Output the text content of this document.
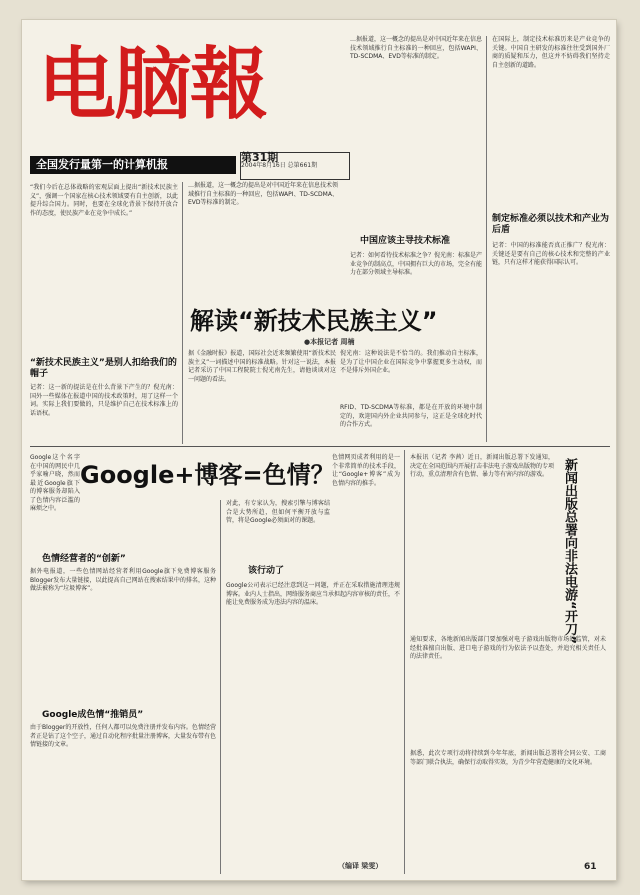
电脑報
全国发行量第一的计算机报
第31期
2004年8月16日 总第661期
“我们今后在总体战略的宏观层面上提出“新技术民族主义”，强调一个国家在核心技术领域要有自主创新，以此提升综合国力。同时，也要在全球化背景下保持开放合作的态度，使民族产业在竞争中成长。”
“新技术民族主义”是别人扣给我们的帽子
记者：这一新的提法是在什么背景下产生的？倪光南：国外一些媒体在报道中国的技术政策时，用了这样一个词。实际上我们要做的，只是维护自己在技术标准上的话语权。
…据报道，这一概念的提出是对中国近年来在信息技术领域推行自主标准的一种回应，包括WAPI、TD-SCDMA、EVD等标准的制定。
…据报道，这一概念的提出是对中国近年来在信息技术领域推行自主标准的一种回应，包括WAPI、TD-SCDMA、EVD等标准的制定。
中国应该主导技术标准
记者：如何看待技术标准之争？倪光南：标准是产业竞争的制高点，中国拥有巨大的市场，完全有能力在部分领域主导标准。
在国际上，制定技术标准历来是产业竞争的关键。中国自主研发的标准往往受到国外厂商的质疑和压力，但这并不妨碍我们坚持走自主创新的道路。
制定标准必须以技术和产业为后盾
记者：中国的标准能否真正推广？倪光南：关键还是要有自己的核心技术和完整的产业链，只有这样才能获得国际认可。
解读“新技术民族主义”
●本报记者 周楠
据《金融时报》报道，国际社会近来频繁使用“新技术民族主义”一词描述中国的标准战略。针对这一说法，本报记者采访了中国工程院院士倪光南先生，请他谈谈对这一问题的看法。
倪光南：这种说法是不恰当的。我们推动自主标准，是为了让中国企业在国际竞争中掌握更多主动权，而不是排斥外国企业。
RFID、TD-SCDMA等标准，都是在开放的环境中制定的，欢迎国内外企业共同参与，这正是全球化时代的合作方式。
Google+博客=色情？
Google这个名字在中国的网民中几乎家喻户晓，然而最近Google旗下的博客服务却陷入了色情内容泛滥的麻烦之中。
色情网页成者利用的是一个非常简单的技术手段，让“Google+博客”成为色情内容的推手。
色情经营者的“创新”
据外电报道，一些色情网站经营者利用Google旗下免费博客服务Blogger发布大量链接，以此提高自己网站在搜索结果中的排名，这种做法被称为“垃圾博客”。
Google成色情“推销员”
由于Blogger的开放性，任何人都可以免费注册并发布内容。色情经营者正是钻了这个空子，通过自动化程序批量注册博客，大量发布带有色情链接的文章。
对此，有专家认为，搜索引擎与博客结合是大势所趋，但如何平衡开放与监管，将是Google必须面对的课题。
该行动了
Google公司表示已经注意到这一问题，并正在采取措施清理违规博客。业内人士指出，网络服务商应当承担起内容审核的责任，不能让免费服务成为违法内容的温床。
（编译 梁雯）
新闻出版总署向非法电游“开刀”
本报讯（记者 李茜）近日，新闻出版总署下发通知，决定在全国范围内开展打击非法电子游戏出版物的专项行动，重点清理含有色情、暴力等有害内容的游戏。
通知要求，各地新闻出版部门要加强对电子游戏出版物市场的监管，对未经批准擅自出版、进口电子游戏的行为依法予以查处，并追究相关责任人的法律责任。
据悉，此次专项行动将持续到今年年底，新闻出版总署将会同公安、工商等部门联合执法，确保行动取得实效，为青少年营造健康的文化环境。
61
